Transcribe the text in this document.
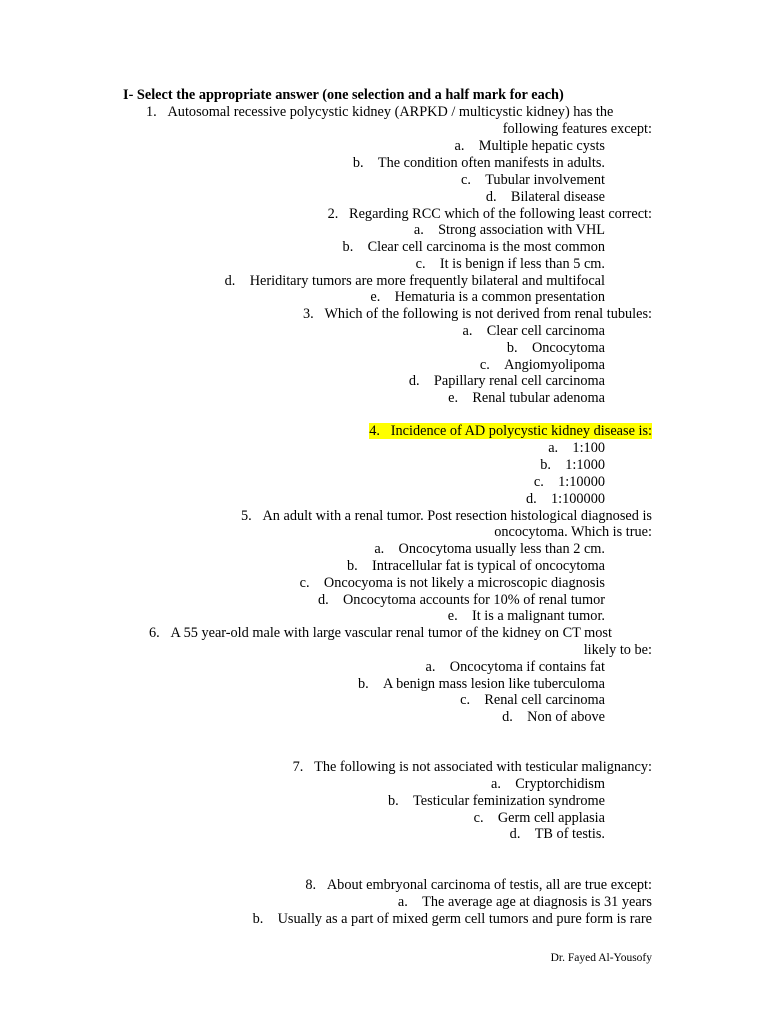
I- Select the appropriate answer (one selection and a half mark for each)
1. Autosomal recessive polycystic kidney (ARPKD / multicystic kidney) has the
following features except:
a. Multiple hepatic cysts
b. The condition often manifests in adults.
c. Tubular involvement
d. Bilateral disease
2. Regarding RCC which of the following least correct:
a. Strong association with VHL
b. Clear cell carcinoma is the most common
c. It is benign if less than 5 cm.
d. Heriditary tumors are more frequently bilateral and multifocal
e. Hematuria is a common presentation
3. Which of the following is not derived from renal tubules:
a. Clear cell carcinoma
b. Oncocytoma
c. Angiomyolipoma
d. Papillary renal cell carcinoma
e. Renal tubular adenoma
4. Incidence of AD polycystic kidney disease is:
a. 1:100
b. 1:1000
c. 1:10000
d. 1:100000
5. An adult with a renal tumor. Post resection histological diagnosed is
oncocytoma. Which is true:
a. Oncocytoma usually less than 2 cm.
b. Intracellular fat is typical of oncocytoma
c. Oncocyoma is not likely a microscopic diagnosis
d. Oncocytoma accounts for 10% of renal tumor
e. It is a malignant tumor.
6. A 55 year-old male with large vascular renal tumor of the kidney on CT most
likely to be:
a. Oncocytoma if contains fat
b. A benign mass lesion like tuberculoma
c. Renal cell carcinoma
d. Non of above
7. The following is not associated with testicular malignancy:
a. Cryptorchidism
b. Testicular feminization syndrome
c. Germ cell applasia
d. TB of testis.
8. About embryonal carcinoma of testis, all are true except:
a. The average age at diagnosis is 31 years
b. Usually as a part of mixed germ cell tumors and pure form is rare
Dr. Fayed Al-Yousofy
